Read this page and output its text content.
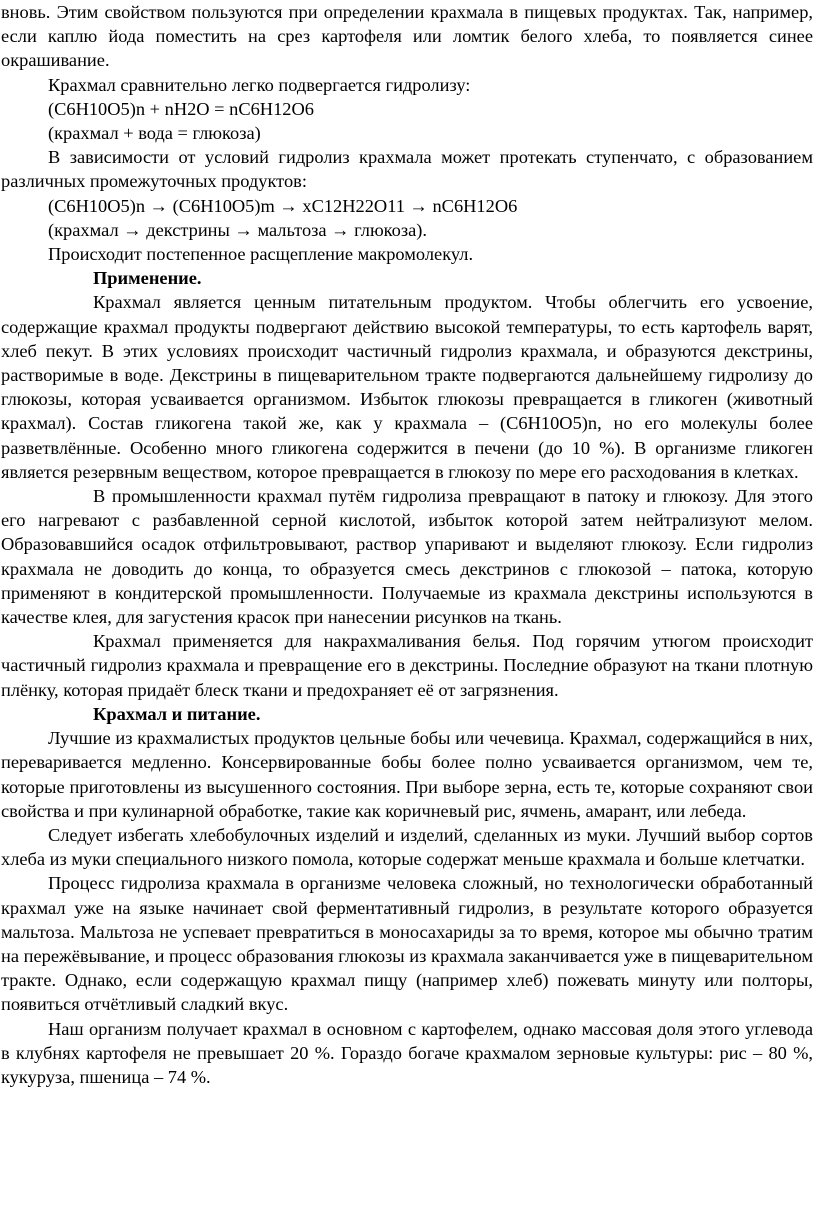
вновь. Этим свойством пользуются при определении крахмала в пищевых продуктах. Так, например, если каплю йода поместить на срез картофеля или ломтик белого хлеба, то появляется синее окрашивание.

Крахмал сравнительно легко подвергается гидролизу:

(C6H10O5)n + nH2O = nC6H12O6

(крахмал + вода = глюкоза)

В зависимости от условий гидролиз крахмала может протекать ступенчато, с образованием различных промежуточных продуктов:

(C6H10O5)n → (C6H10O5)m → xC12H22O11 → nC6H12O6

(крахмал → декстрины → мальтоза → глюкоза).

Происходит постепенное расщепление макромолекул.

Применение.

Крахмал является ценным питательным продуктом. Чтобы облегчить его усвоение, содержащие крахмал продукты подвергают действию высокой температуры, то есть картофель варят, хлеб пекут. В этих условиях происходит частичный гидролиз крахмала, и образуются декстрины, растворимые в воде. Декстрины в пищеварительном тракте подвергаются дальнейшему гидролизу до глюкозы, которая усваивается организмом. Избыток глюкозы превращается в гликоген (животный крахмал). Состав гликогена такой же, как у крахмала – (C6H10O5)n, но его молекулы более разветвлённые. Особенно много гликогена содержится в печени (до 10 %). В организме гликоген является резервным веществом, которое превращается в глюкозу по мере его расходования в клетках.

В промышленности крахмал путём гидролиза превращают в патоку и глюкозу. Для этого его нагревают с разбавленной серной кислотой, избыток которой затем нейтрализуют мелом. Образовавшийся осадок отфильтровывают, раствор упаривают и выделяют глюкозу. Если гидролиз крахмала не доводить до конца, то образуется смесь декстринов с глюкозой – патока, которую применяют в кондитерской промышленности. Получаемые из крахмала декстрины используются в качестве клея, для загустения красок при нанесении рисунков на ткань.

Крахмал применяется для накрахмаливания белья. Под горячим утюгом происходит частичный гидролиз крахмала и превращение его в декстрины. Последние образуют на ткани плотную плёнку, которая придаёт блеск ткани и предохраняет её от загрязнения.

Крахмал и питание.

Лучшие из крахмалистых продуктов цельные бобы или чечевица. Крахмал, содержащийся в них, переваривается медленно. Консервированные бобы более полно усваивается организмом, чем те, которые приготовлены из высушенного состояния. При выборе зерна, есть те, которые сохраняют свои свойства и при кулинарной обработке, такие как коричневый рис, ячмень, амарант, или лебеда.

Следует избегать хлебобулочных изделий и изделий, сделанных из муки. Лучший выбор сортов хлеба из муки специального низкого помола, которые содержат меньше крахмала и больше клетчатки.

Процесс гидролиза крахмала в организме человека сложный, но технологически обработанный крахмал уже на языке начинает свой ферментативный гидролиз, в результате которого образуется мальтоза. Мальтоза не успевает превратиться в моносахариды за то время, которое мы обычно тратим на пережёвывание, и процесс образования глюкозы из крахмала заканчивается уже в пищеварительном тракте. Однако, если содержащую крахмал пищу (например хлеб) пожевать минуту или полторы, появиться отчётливый сладкий вкус.

Наш организм получает крахмал в основном с картофелем, однако массовая доля этого углевода в клубнях картофеля не превышает 20 %. Гораздо богаче крахмалом зерновые культуры: рис – 80 %, кукуруза, пшеница – 74 %.
